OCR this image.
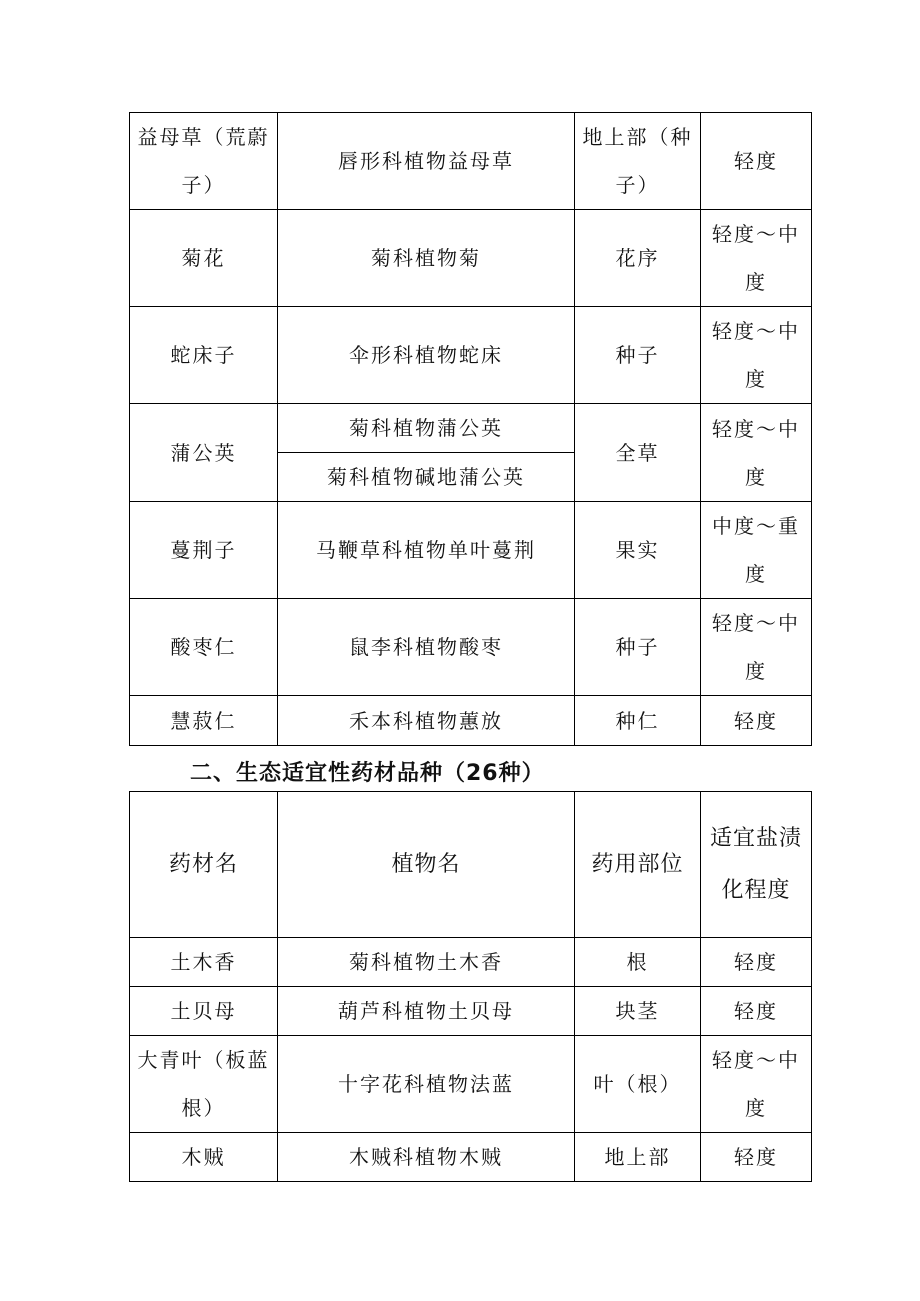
益母草（荒蔚子）	唇形科植物益母草	地上部（种子）	轻度
菊花	菊科植物菊	花序	轻度～中度
蛇床子	伞形科植物蛇床	种子	轻度～中度
蒲公英	菊科植物蒲公英	全草	轻度～中度
	菊科植物碱地蒲公英		
蔓荆子	马鞭草科植物单叶蔓荆	果实	中度～重度
酸枣仁	鼠李科植物酸枣	种子	轻度～中度
慧菽仁	禾本科植物蕙放	种仁	轻度
二、生态适宜性药材品种（26种）
药材名	植物名	药用部位	适宜盐渍化程度
土木香	菊科植物土木香	根	轻度
土贝母	葫芦科植物土贝母	块茎	轻度
大青叶（板蓝根）	十字花科植物法蓝	叶（根）	轻度～中度
木贼	木贼科植物木贼	地上部	轻度
